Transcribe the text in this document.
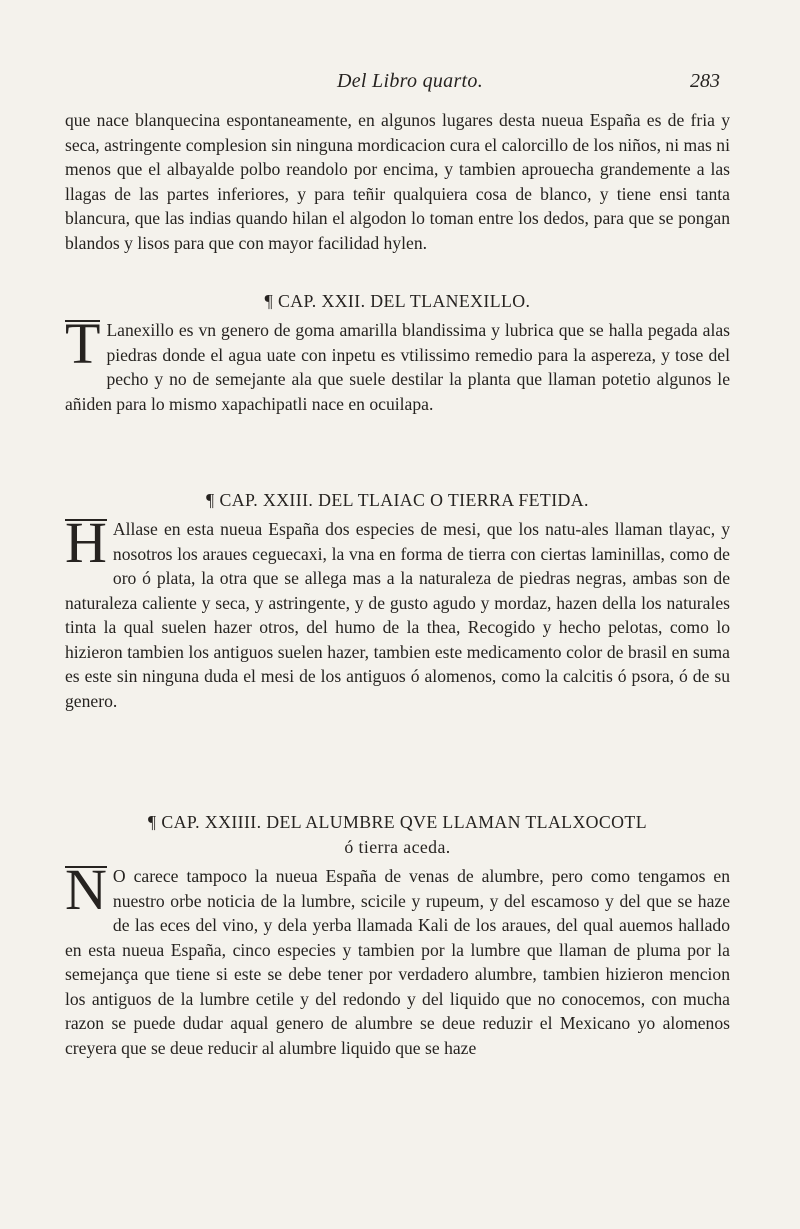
Del Libro quarto.	283

que nace blanquecina espontaneamente, en algunos lugares desta nueua España es de fria y seca, astringente complesion sin ninguna mordicacion cura el calorcillo de los niños, ni mas ni menos que el albayalde polbo reandolo por encima, y tambien aprouecha grandemente a las llagas de las partes inferiores, y para teñir qualquiera cosa de blanco, y tiene ensi tanta blancura, que las indias quando hilan el algodon lo toman entre los dedos, para que se pongan blandos y lisos para que con mayor facilidad hylen.

¶ CAP. XXII. DEL TLANEXILLO.
T Lanexillo es vn genero de goma amarilla blandissima y lubrica que se halla pegada alas piedras donde el agua uate con inpetu es vtilissimo remedio para la aspereza, y tose del pecho y no de semejante ala que suele destilar la planta que llaman potetio algunos le añiden para lo mismo xapachipatli nace en ocuilapa.

¶ CAP. XXIII. DEL TLAIAC O TIERRA FETIDA.
H Allase en esta nueua España dos especies de mesi, que los natu-ales llaman tlayac, y nosotros los araues ceguecaxi, la vna en forma de tierra con ciertas laminillas, como de oro ó plata, la otra que se allega mas a la naturaleza de piedras negras, ambas son de naturaleza caliente y seca, y astringente, y de gusto agudo y mordaz, hazen della los naturales tinta la qual suelen hazer otros, del humo de la thea, Recogido y hecho pelotas, como lo hizieron tambien los antiguos suelen hazer, tambien este medicamento color de brasil en suma es este sin ninguna duda el mesi de los antiguos ó alomenos, como la calcitis ó psora, ó de su genero.

¶ CAP. XXIIII. DEL ALUMBRE QVE LLAMAN TLALXOCOTL
ó tierra aceda.
N O carece tampoco la nueua España de venas de alumbre, pero como tengamos en nuestro orbe noticia de la lumbre, scicile y rupeum, y del escamoso y del que se haze de las eces del vino, y dela yerba llamada Kali de los araues, del qual auemos hallado en esta nueua España, cinco especies y tambien por la lumbre que llaman de pluma por la semejança que tiene si este se debe tener por verdadero alumbre, tambien hizieron mencion los antiguos de la lumbre cetile y del redondo y del liquido que no conocemos, con mucha razon se puede dudar aqual genero de alumbre se deue reduzir el Mexicano yo alomenos creyera que se deue reducir al alumbre liquido que se haze
